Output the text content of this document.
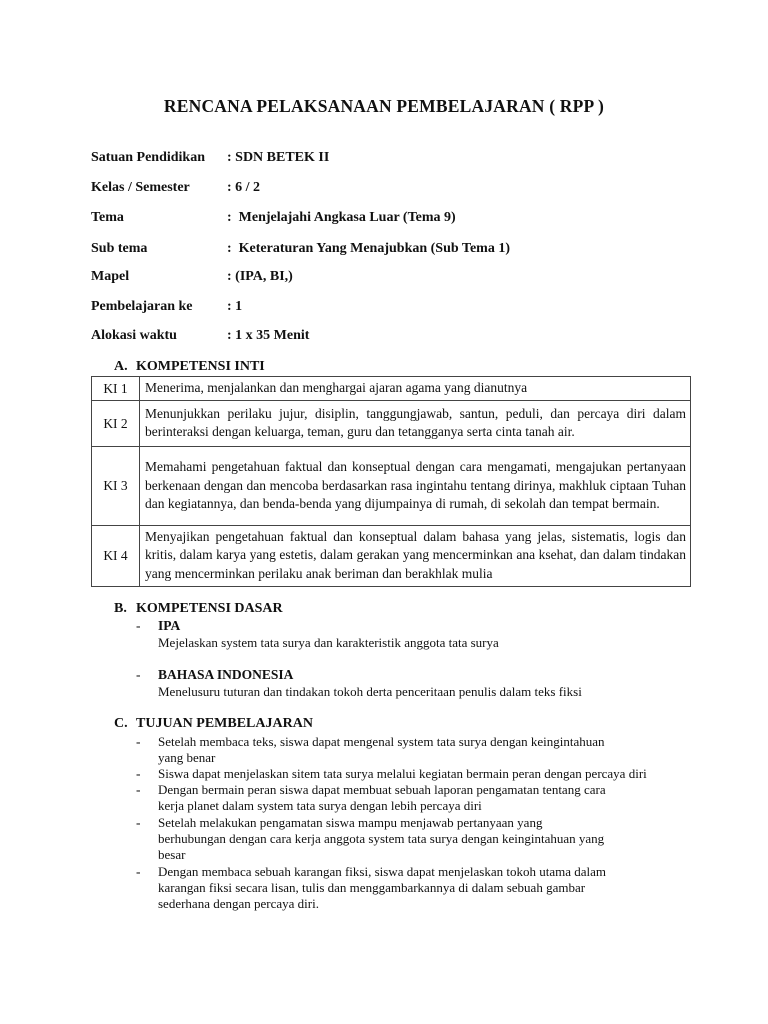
RENCANA PELAKSANAAN PEMBELAJARAN ( RPP )
Satuan Pendidikan : SDN BETEK II
Kelas / Semester	: 6 / 2
Tema	:  Menjelajahi Angkasa Luar (Tema 9)
Sub tema	:  Keteraturan Yang Menajubkan (Sub Tema 1)
Mapel	: (IPA, BI,)
Pembelajaran ke : 1
Alokasi waktu	: 1 x 35 Menit
A. KOMPETENSI INTI
KI 1	Menerima, menjalankan dan menghargai ajaran agama yang dianutnya
KI 2	Menunjukkan perilaku jujur, disiplin, tanggungjawab, santun, peduli, dan percaya diri dalam berinteraksi dengan keluarga, teman, guru dan tetangganya serta cinta tanah air.
KI 3	Memahami pengetahuan faktual dan konseptual dengan cara mengamati, mengajukan pertanyaan berkenaan dengan dan mencoba berdasarkan rasa ingintahu tentang dirinya, makhluk ciptaan Tuhan dan kegiatannya, dan benda-benda yang dijumpainya di rumah, di sekolah dan tempat bermain.
KI 4	Menyajikan pengetahuan faktual dan konseptual dalam bahasa yang jelas, sistematis, logis dan kritis, dalam karya yang estetis, dalam gerakan yang mencerminkan ana ksehat, dan dalam tindakan yang mencerminkan perilaku anak beriman dan berakhlak mulia
B. KOMPETENSI DASAR
- IPA
Mejelaskan system tata surya dan karakteristik anggota tata surya
- BAHASA INDONESIA
Menelusuru tuturan dan tindakan tokoh derta penceritaan penulis dalam teks fiksi
C. TUJUAN PEMBELAJARAN
- Setelah membaca teks, siswa dapat mengenal system tata surya dengan keingintahuan
yang benar
- Siswa dapat menjelaskan sitem tata surya melalui kegiatan bermain peran dengan percaya diri
- Dengan bermain peran siswa dapat membuat sebuah laporan pengamatan tentang cara
kerja planet dalam system tata surya dengan lebih percaya diri
- Setelah melakukan pengamatan siswa mampu menjawab pertanyaan yang
berhubungan dengan cara kerja anggota system tata surya dengan keingintahuan yang
besar
- Dengan membaca sebuah karangan fiksi, siswa dapat menjelaskan tokoh utama dalam
karangan fiksi secara lisan, tulis dan menggambarkannya di dalam sebuah gambar
sederhana dengan percaya diri.
